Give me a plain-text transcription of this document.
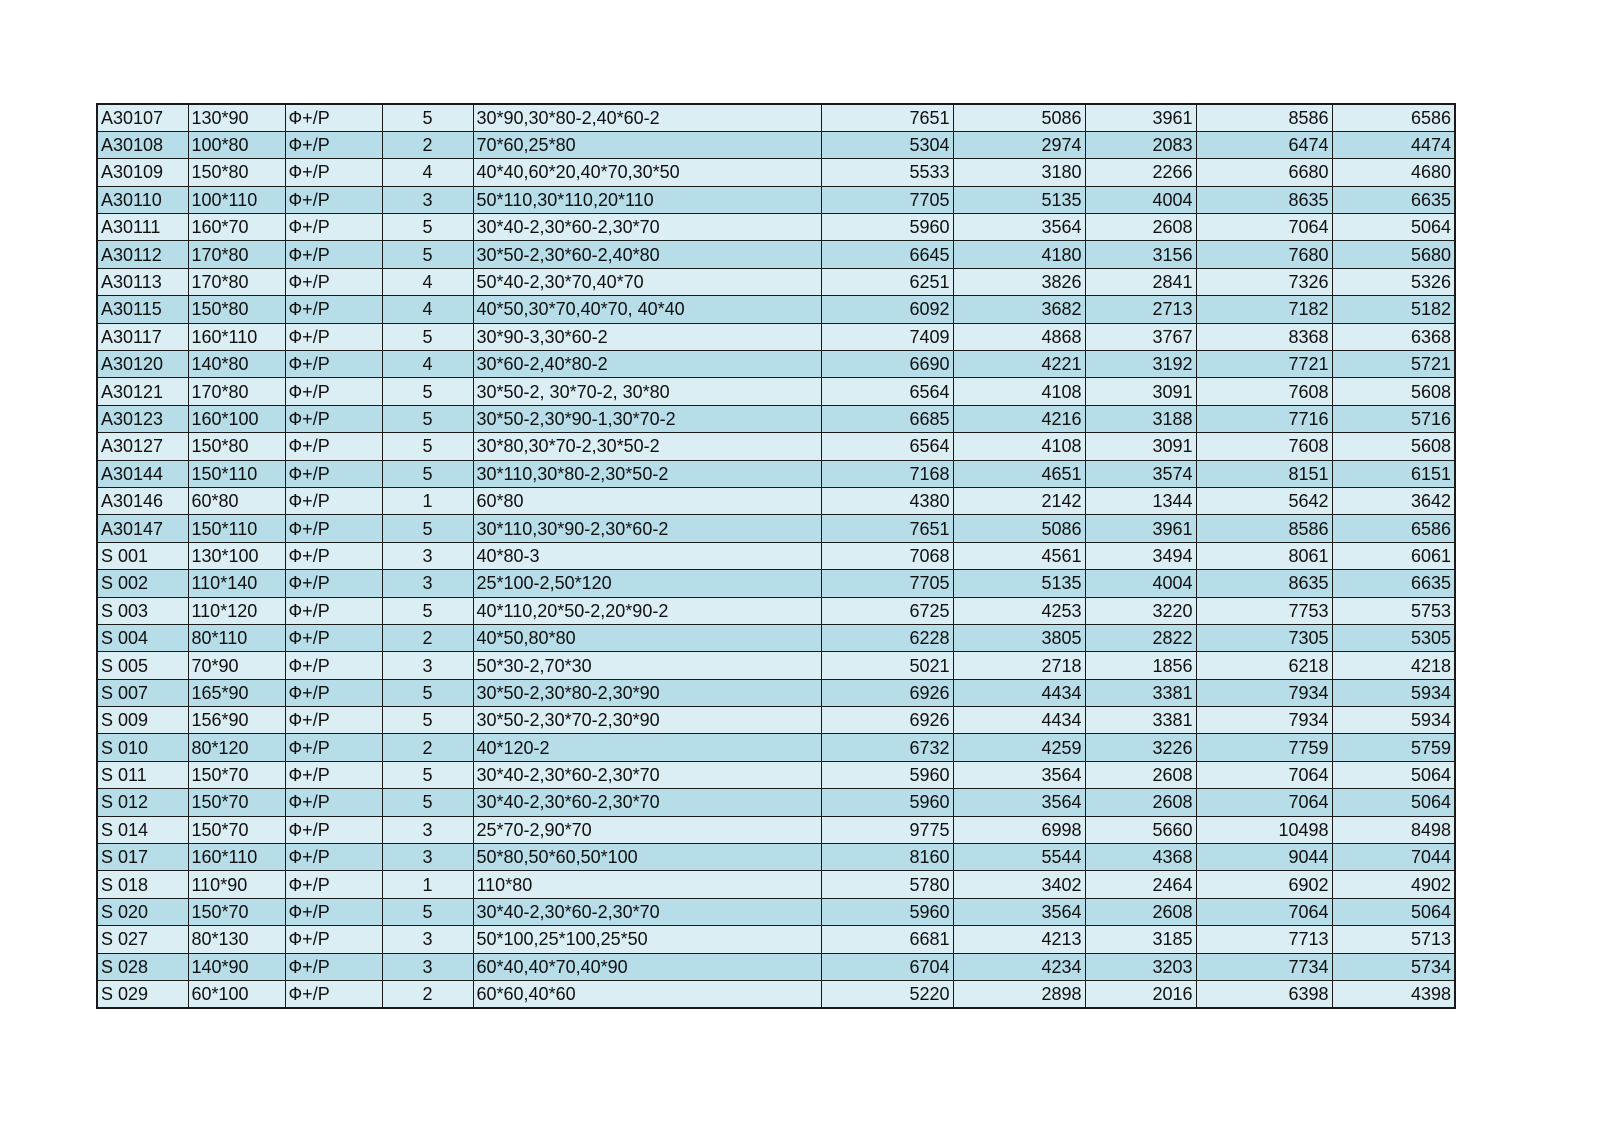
A30107	130*90	Ф+/Р	5	30*90,30*80-2,40*60-2	7651	5086	3961	8586	6586
A30108	100*80	Ф+/Р	2	70*60,25*80	5304	2974	2083	6474	4474
A30109	150*80	Ф+/Р	4	40*40,60*20,40*70,30*50	5533	3180	2266	6680	4680
A30110	100*110	Ф+/Р	3	50*110,30*110,20*110	7705	5135	4004	8635	6635
A30111	160*70	Ф+/Р	5	30*40-2,30*60-2,30*70	5960	3564	2608	7064	5064
A30112	170*80	Ф+/Р	5	30*50-2,30*60-2,40*80	6645	4180	3156	7680	5680
A30113	170*80	Ф+/Р	4	50*40-2,30*70,40*70	6251	3826	2841	7326	5326
A30115	150*80	Ф+/Р	4	40*50,30*70,40*70, 40*40	6092	3682	2713	7182	5182
A30117	160*110	Ф+/Р	5	30*90-3,30*60-2	7409	4868	3767	8368	6368
A30120	140*80	Ф+/Р	4	30*60-2,40*80-2	6690	4221	3192	7721	5721
A30121	170*80	Ф+/Р	5	30*50-2, 30*70-2, 30*80	6564	4108	3091	7608	5608
A30123	160*100	Ф+/Р	5	30*50-2,30*90-1,30*70-2	6685	4216	3188	7716	5716
A30127	150*80	Ф+/Р	5	30*80,30*70-2,30*50-2	6564	4108	3091	7608	5608
A30144	150*110	Ф+/Р	5	30*110,30*80-2,30*50-2	7168	4651	3574	8151	6151
A30146	60*80	Ф+/Р	1	60*80	4380	2142	1344	5642	3642
A30147	150*110	Ф+/Р	5	30*110,30*90-2,30*60-2	7651	5086	3961	8586	6586
S 001	130*100	Ф+/Р	3	40*80-3	7068	4561	3494	8061	6061
S 002	110*140	Ф+/Р	3	25*100-2,50*120	7705	5135	4004	8635	6635
S 003	110*120	Ф+/Р	5	40*110,20*50-2,20*90-2	6725	4253	3220	7753	5753
S 004	80*110	Ф+/Р	2	40*50,80*80	6228	3805	2822	7305	5305
S 005	70*90	Ф+/Р	3	50*30-2,70*30	5021	2718	1856	6218	4218
S 007	165*90	Ф+/Р	5	30*50-2,30*80-2,30*90	6926	4434	3381	7934	5934
S 009	156*90	Ф+/Р	5	30*50-2,30*70-2,30*90	6926	4434	3381	7934	5934
S 010	80*120	Ф+/Р	2	40*120-2	6732	4259	3226	7759	5759
S 011	150*70	Ф+/Р	5	30*40-2,30*60-2,30*70	5960	3564	2608	7064	5064
S 012	150*70	Ф+/Р	5	30*40-2,30*60-2,30*70	5960	3564	2608	7064	5064
S 014	150*70	Ф+/Р	3	25*70-2,90*70	9775	6998	5660	10498	8498
S 017	160*110	Ф+/Р	3	50*80,50*60,50*100	8160	5544	4368	9044	7044
S 018	110*90	Ф+/Р	1	110*80	5780	3402	2464	6902	4902
S 020	150*70	Ф+/Р	5	30*40-2,30*60-2,30*70	5960	3564	2608	7064	5064
S 027	80*130	Ф+/Р	3	50*100,25*100,25*50	6681	4213	3185	7713	5713
S 028	140*90	Ф+/Р	3	60*40,40*70,40*90	6704	4234	3203	7734	5734
S 029	60*100	Ф+/Р	2	60*60,40*60	5220	2898	2016	6398	4398
